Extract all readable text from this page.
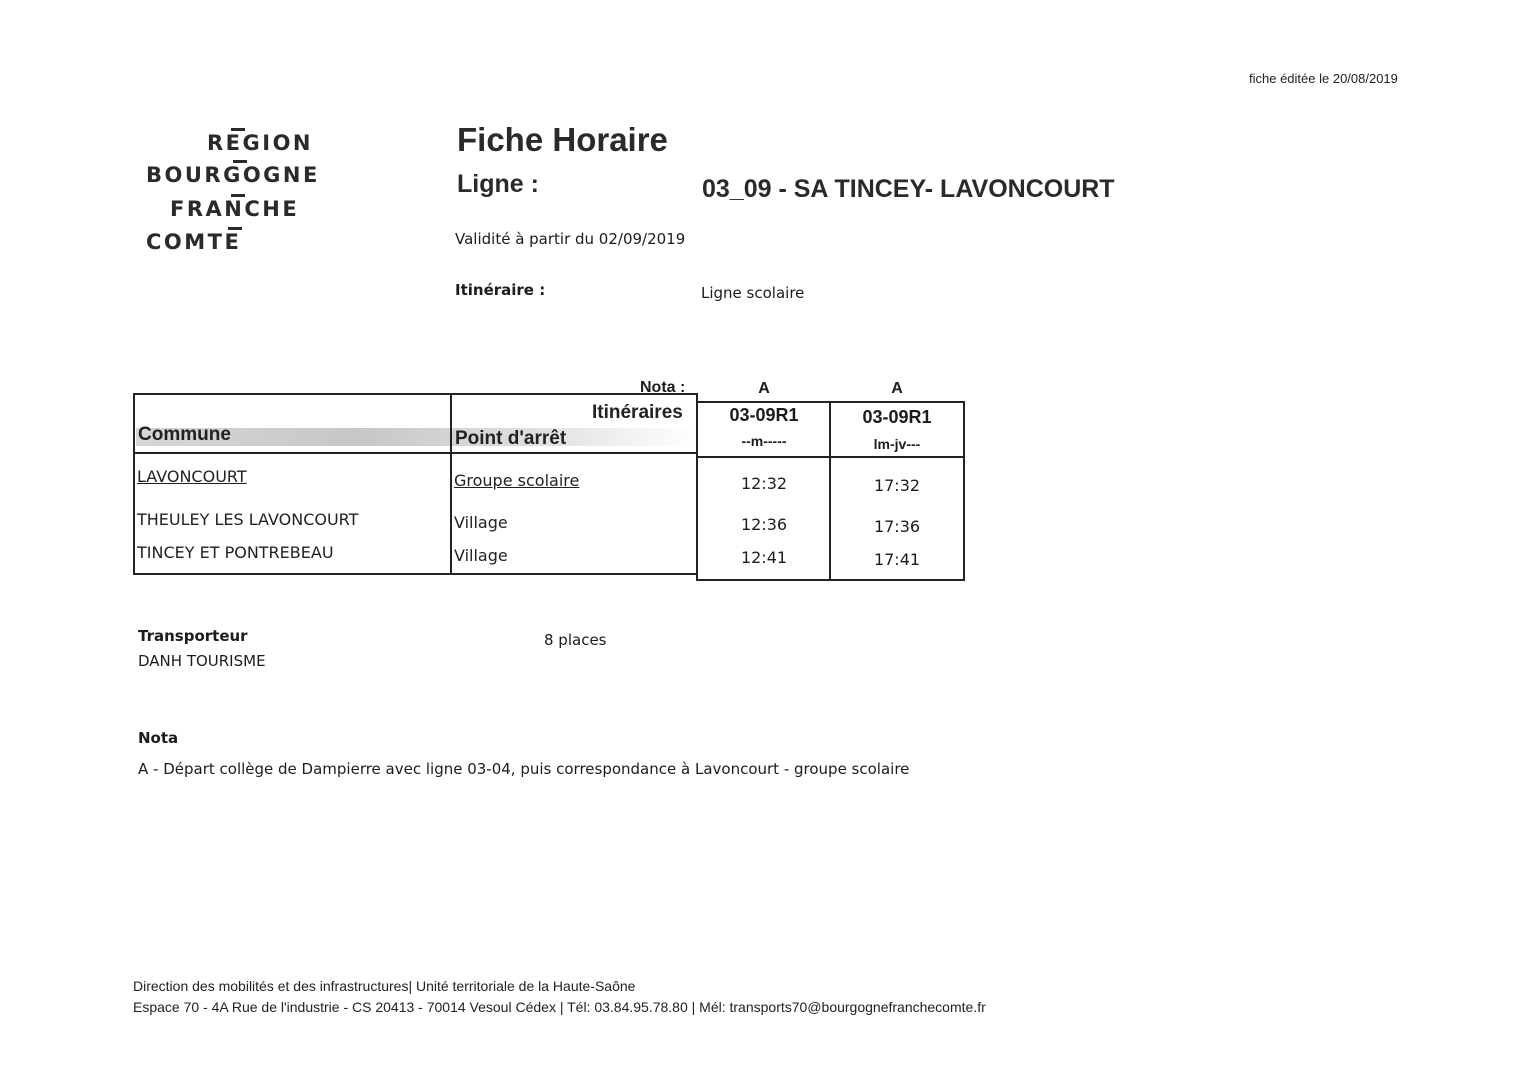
fiche éditée le 20/08/2019
REGION
BOURGOGNE
FRANCHE
COMTE
Fiche Horaire
Ligne :	03_09 - SA TINCEY- LAVONCOURT
Validité à partir du 02/09/2019
Itinéraire :	Ligne scolaire
Nota :	A	A
Itinéraires
Commune	Point d'arrêt
03-09R1	03-09R1
--m-----	lm-jv---
LAVONCOURT	Groupe scolaire	12:32	17:32
THEULEY LES LAVONCOURT	Village	12:36	17:36
TINCEY ET PONTREBEAU	Village	12:41	17:41
Transporteur
DANH TOURISME
8 places
Nota
A - Départ collège de Dampierre avec ligne 03-04, puis correspondance à Lavoncourt - groupe scolaire
Direction des mobilités et des infrastructures| Unité territoriale de la Haute-Saône
Espace 70 - 4A Rue de l'industrie - CS 20413 - 70014 Vesoul Cédex | Tél: 03.84.95.78.80 | Mél: transports70@bourgognefranchecomte.fr
